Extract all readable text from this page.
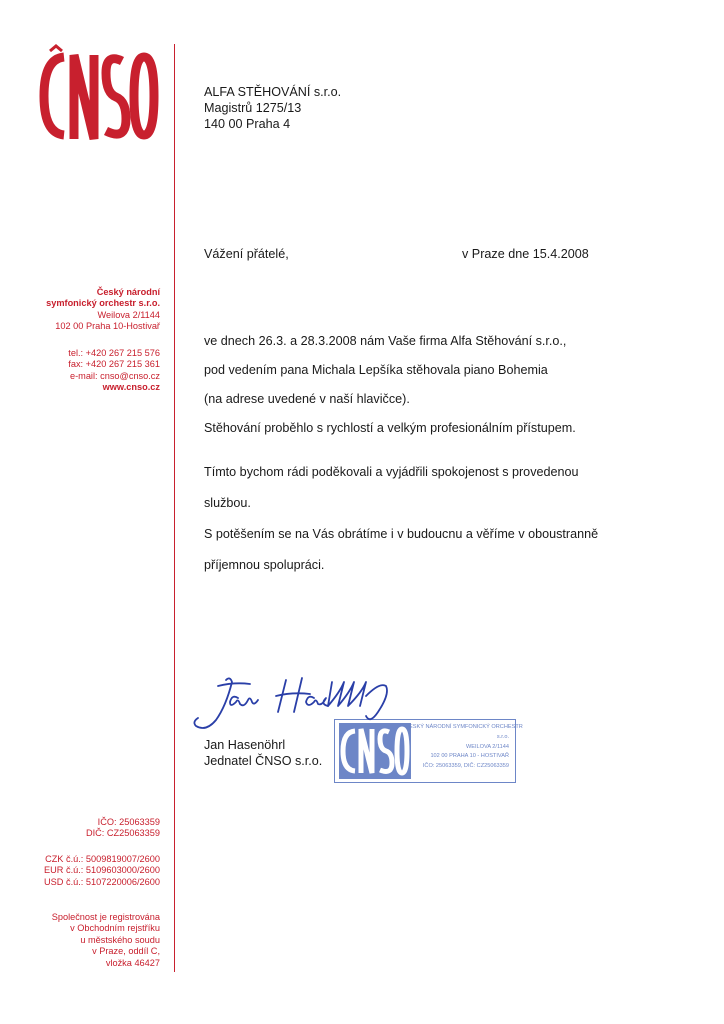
Český národní
symfonický orchestr s.r.o.
Weilova 2/1144
102 00 Praha 10-Hostivař
tel.: +420 267 215 576
fax: +420 267 215 361
e-mail: cnso@cnso.cz
www.cnso.cz
IČO: 25063359
DIČ: CZ25063359
CZK č.ú.: 5009819007/2600
EUR č.ú.: 5109603000/2600
USD č.ú.: 5107220006/2600
Společnost je registrována
v Obchodním rejstříku
u městského soudu
v Praze, oddíl C,
vložka 46427
ALFA STĚHOVÁNÍ s.r.o.
Magistrů 1275/13
140 00 Praha 4
Vážení přátelé,	v Praze dne 15.4.2008
ve dnech 26.3. a 28.3.2008 nám Vaše firma Alfa Stěhování s.r.o.,
pod vedením pana Michala Lepšíka stěhovala piano Bohemia
(na adrese uvedené v naší hlavičce).
Stěhování proběhlo s rychlostí a velkým profesionálním přístupem.
Tímto bychom rádi poděkovali a vyjádřili spokojenost s provedenou
službou.
S potěšením se na Vás obrátíme i v budoucnu a věříme v oboustranně
příjemnou spolupráci.
ČESKÝ NÁRODNÍ SYMFONICKÝ ORCHESTR
s.r.o.
WEILOVA 2/1144
102 00 PRAHA 10 - HOSTIVAŘ
IČO: 25063359, DIČ: CZ25063359
Jan Hasenöhrl
Jednatel ČNSO s.r.o.
